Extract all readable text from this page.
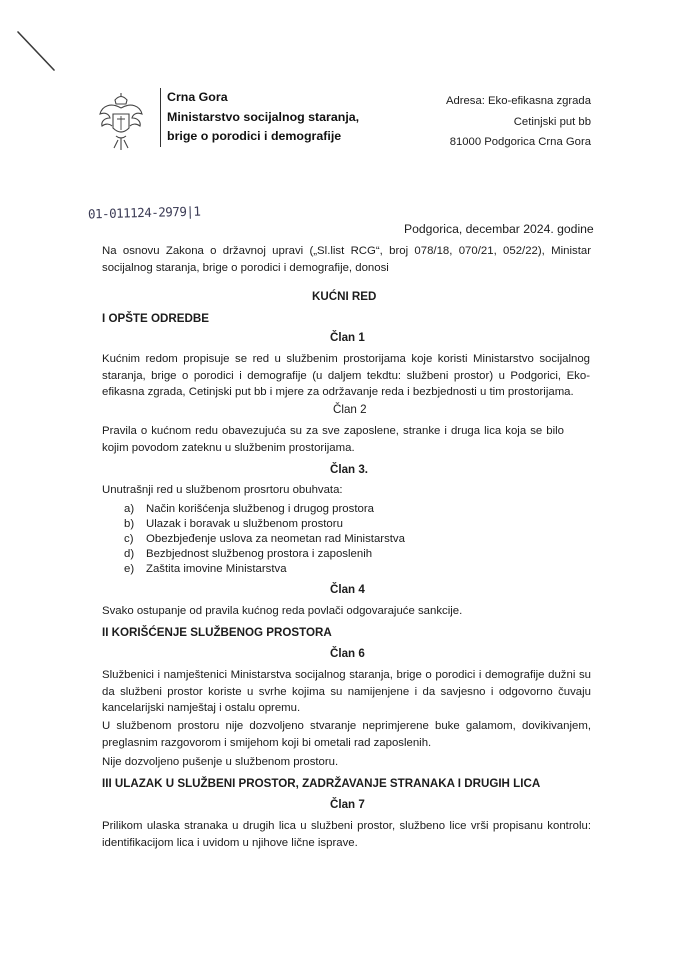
Crna Gora
Ministarstvo socijalnog staranja,
brige o porodici i demografije
Adresa: Eko-efikasna zgrada
Cetinjski put bb
81000 Podgorica Crna Gora
01-011124-2979|1
Podgorica, decembar 2024. godine
Na osnovu Zakona o državnoj upravi („Sl.list RCG“, broj 078/18, 070/21, 052/22), Ministar socijalnog staranja, brige o porodici i demografije, donosi
KUĆNI RED
I OPŠTE ODREDBE
Član 1
Kućnim redom propisuje se red u službenim prostorijama koje koristi Ministarstvo socijalnog staranja, brige o porodici i demografije (u daljem tekdtu: službeni prostor) u Podgorici, Eko-efikasna zgrada, Cetinjski put bb i mjere za održavanje reda i bezbjednosti u tim prostorijama.
Član 2
Pravila o kućnom redu obavezujuća su za sve zaposlene, stranke i druga lica koja se bilo kojim povodom zateknu u službenim prostorijama.
Član 3.
Unutrašnji red u službenom prosrtoru obuhvata:
a) Način korišćenja službenog i drugog prostora
b) Ulazak i boravak u službenom prostoru
c) Obezbjeđenje uslova za neometan rad Ministarstva
d) Bezbjednost službenog prostora i zaposlenih
e) Zaštita imovine Ministarstva
Član 4
Svako ostupanje od pravila kućnog reda povlači odgovarajuće sankcije.
II KORIŠĆENJE SLUŽBENOG PROSTORA
Član 6
Službenici i namještenici Ministarstva socijalnog staranja, brige o porodici i demografije dužni su da službeni prostor koriste u svrhe kojima su namijenjene i da savjesno i odgovorno čuvaju kancelarijski namještaj i ostalu opremu.
U službenom prostoru nije dozvoljeno stvaranje neprimjerene buke galamom, dovikivanjem, preglasnim razgovorom i smijehom koji bi ometali rad zaposlenih.
Nije dozvoljeno pušenje u službenom prostoru.
III ULAZAK U SLUŽBENI PROSTOR, ZADRŽAVANJE STRANAKA I DRUGIH LICA
Član 7
Prilikom ulaska stranaka u drugih lica u službeni prostor, službeno lice vrši propisanu kontrolu: identifikacijom lica i uvidom u njihove lične isprave.
